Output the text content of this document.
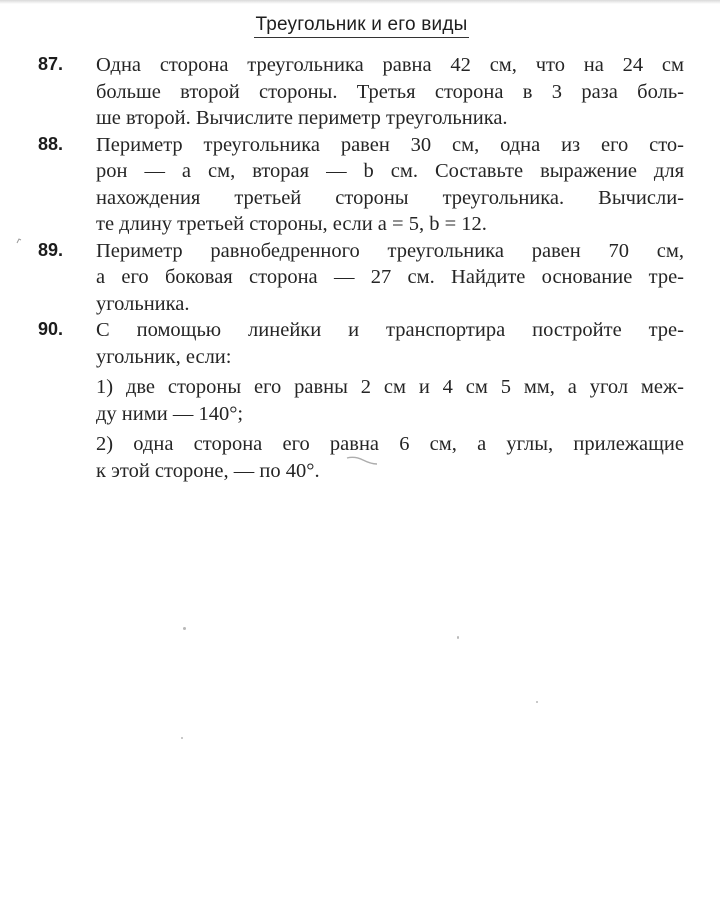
Треугольник и его виды
87. Одна сторона треугольника равна 42 см, что на 24 см
больше второй стороны. Третья сторона в 3 раза боль-
ше второй. Вычислите периметр треугольника.
88. Периметр треугольника равен 30 см, одна из его сто-
рон — a см, вторая — b см. Составьте выражение для
нахождения третьей стороны треугольника. Вычисли-
те длину третьей стороны, если a = 5, b = 12.
89. Периметр равнобедренного треугольника равен 70 см,
а его боковая сторона — 27 см. Найдите основание тре-
угольника.
90. С помощью линейки и транспортира постройте тре-
угольник, если:
1) две стороны его равны 2 см и 4 см 5 мм, а угол меж-
ду ними — 140°;
2) одна сторона его равна 6 см, а углы, прилежащие
к этой стороне, — по 40°.
